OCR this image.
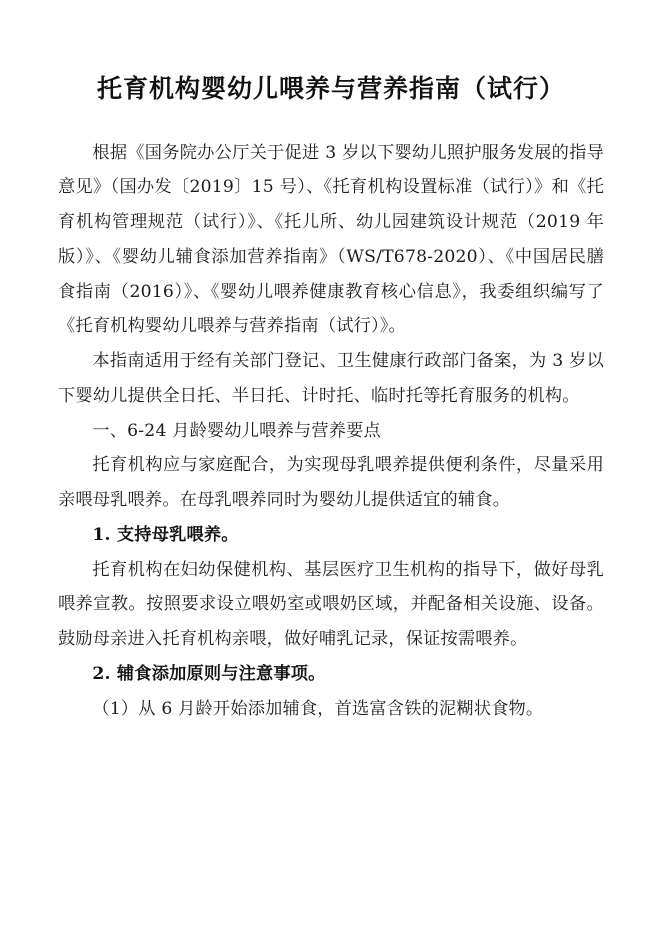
托育机构婴幼儿喂养与营养指南（试行）

根据《国务院办公厅关于促进 3 岁以下婴幼儿照护服务发展的指导意见》（国办发〔2019〕15 号）、《托育机构设置标准（试行）》和《托育机构管理规范（试行）》、《托儿所、幼儿园建筑设计规范（2019 年版）》、《婴幼儿辅食添加营养指南》（WS/T678-2020）、《中国居民膳食指南（2016）》、《婴幼儿喂养健康教育核心信息》，我委组织编写了《托育机构婴幼儿喂养与营养指南（试行）》。

本指南适用于经有关部门登记、卫生健康行政部门备案，为 3 岁以下婴幼儿提供全日托、半日托、计时托、临时托等托育服务的机构。

一、6-24 月龄婴幼儿喂养与营养要点

托育机构应与家庭配合，为实现母乳喂养提供便利条件，尽量采用亲喂母乳喂养。在母乳喂养同时为婴幼儿提供适宜的辅食。

1. 支持母乳喂养。

托育机构在妇幼保健机构、基层医疗卫生机构的指导下，做好母乳喂养宣教。按照要求设立喂奶室或喂奶区域，并配备相关设施、设备。鼓励母亲进入托育机构亲喂，做好哺乳记录，保证按需喂养。

2. 辅食添加原则与注意事项。

（1）从 6 月龄开始添加辅食，首选富含铁的泥糊状食物。
